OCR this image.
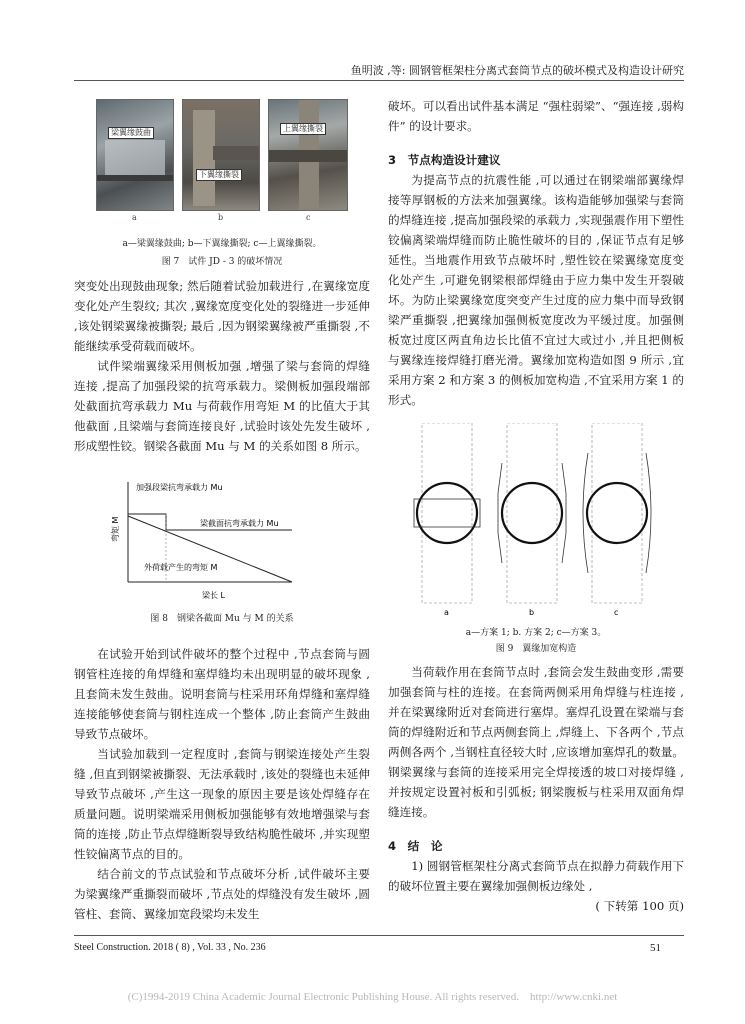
鱼明波 ,等: 圆钢管框架柱分离式套筒节点的破坏模式及构造设计研究
梁翼缘鼓曲
下翼缘撕裂
上翼缘撕裂
a	b	c
a—梁翼缘鼓曲; b—下翼缘撕裂; c—上翼缘撕裂。
图 7　试件 JD - 3 的破坏情况

突变处出现鼓曲现象; 然后随着试验加载进行 ,在翼缘宽度变化处产生裂纹; 其次 ,翼缘宽度变化处的裂缝进一步延伸 ,该处钢梁翼缘被撕裂; 最后 ,因为钢梁翼缘被严重撕裂 ,不能继续承受荷载而破坏。

试件梁端翼缘采用侧板加强 ,增强了梁与套筒的焊缝连接 ,提高了加强段梁的抗弯承载力。梁侧板加强段端部处截面抗弯承载力 Mu 与荷载作用弯矩 M 的比值大于其他截面 ,且梁端与套筒连接良好 ,试验时该处先发生破坏 ,形成塑性铰。钢梁各截面 Mu 与 M 的关系如图 8 所示。

加强段梁抗弯承载力 Mu
梁截面抗弯承载力 Mu
外荷载产生的弯矩 M
弯矩 M
梁长 L
图 8　钢梁各截面 Mu 与 M 的关系

在试验开始到试件破坏的整个过程中 ,节点套筒与圆钢管柱连接的角焊缝和塞焊缝均未出现明显的破坏现象 ,且套筒未发生鼓曲。说明套筒与柱采用环角焊缝和塞焊缝连接能够使套筒与钢柱连成一个整体 ,防止套筒产生鼓曲导致节点破坏。

当试验加载到一定程度时 ,套筒与钢梁连接处产生裂缝 ,但直到钢梁被撕裂、无法承载时 ,该处的裂缝也未延伸导致节点破坏 ,产生这一现象的原因主要是该处焊缝存在质量问题。说明梁端采用侧板加强能够有效地增强梁与套筒的连接 ,防止节点焊缝断裂导致结构脆性破坏 ,并实现塑性铰偏离节点的目的。

结合前文的节点试验和节点破坏分析 ,试件破坏主要为梁翼缘严重撕裂而破坏 ,节点处的焊缝没有发生破坏 ,圆管柱、套筒、翼缘加宽段梁均未发生

破坏。可以看出试件基本满足 “强柱弱梁”、“强连接 ,弱构件” 的设计要求。

3　节点构造设计建议

为提高节点的抗震性能 ,可以通过在钢梁端部翼缘焊接等厚钢板的方法来加强翼缘。该构造能够加强梁与套筒的焊缝连接 ,提高加强段梁的承载力 ,实现强震作用下塑性铰偏离梁端焊缝而防止脆性破坏的目的 ,保证节点有足够延性。当地震作用致节点破坏时 ,塑性铰在梁翼缘宽度变化处产生 ,可避免钢梁根部焊缝由于应力集中发生开裂破坏。为防止梁翼缘宽度突变产生过度的应力集中而导致钢梁严重撕裂 ,把翼缘加强侧板宽度改为平缓过度。加强侧板宽过度区两直角边长比值不宜过大或过小 ,并且把侧板与翼缘连接焊缝打磨光滑。翼缘加宽构造如图 9 所示 ,宜采用方案 2 和方案 3 的侧板加宽构造 ,不宜采用方案 1 的形式。

a	b	c
a—方案 1; b. 方案 2; c—方案 3。
图 9　翼缘加宽构造

当荷载作用在套筒节点时 ,套筒会发生鼓曲变形 ,需要加强套筒与柱的连接。在套筒两侧采用角焊缝与柱连接 ,并在梁翼缘附近对套筒进行塞焊。塞焊孔设置在梁端与套筒的焊缝附近和节点两侧套筒上 ,焊缝上、下各两个 ,节点两侧各两个 ,当钢柱直径较大时 ,应该增加塞焊孔的数量。钢梁翼缘与套筒的连接采用完全焊接透的坡口对接焊缝 ,并按规定设置衬板和引弧板; 钢梁腹板与柱采用双面角焊缝连接。

4　结　论

1) 圆钢管框架柱分离式套筒节点在拟静力荷载作用下的破坏位置主要在翼缘加强侧板边缘处 ,

( 下转第 100 页)

Steel Construction. 2018 ( 8) , Vol. 33 , No. 236	51
(C)1994-2019 China Academic Journal Electronic Publishing House. All rights reserved.　http://www.cnki.net
